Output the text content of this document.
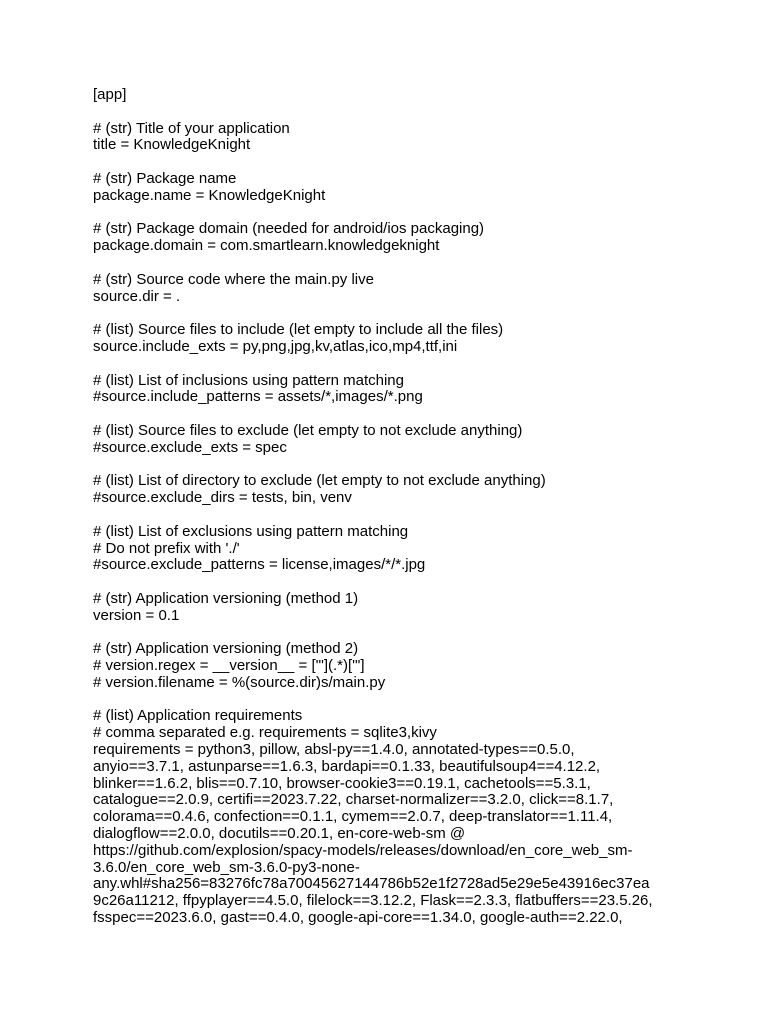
[app]
# (str) Title of your application
title = KnowledgeKnight
# (str) Package name
package.name = KnowledgeKnight
# (str) Package domain (needed for android/ios packaging)
package.domain = com.smartlearn.knowledgeknight
# (str) Source code where the main.py live
source.dir = .
# (list) Source files to include (let empty to include all the files)
source.include_exts = py,png,jpg,kv,atlas,ico,mp4,ttf,ini
# (list) List of inclusions using pattern matching
#source.include_patterns = assets/*,images/*.png
# (list) Source files to exclude (let empty to not exclude anything)
#source.exclude_exts = spec
# (list) List of directory to exclude (let empty to not exclude anything)
#source.exclude_dirs = tests, bin, venv
# (list) List of exclusions using pattern matching
# Do not prefix with './'
#source.exclude_patterns = license,images/*/*.jpg
# (str) Application versioning (method 1)
version = 0.1
# (str) Application versioning (method 2)
# version.regex = __version__ = ['"](.*)['"]
# version.filename = %(source.dir)s/main.py
# (list) Application requirements
# comma separated e.g. requirements = sqlite3,kivy
requirements = python3, pillow, absl-py==1.4.0, annotated-types==0.5.0,
anyio==3.7.1, astunparse==1.6.3, bardapi==0.1.33, beautifulsoup4==4.12.2,
blinker==1.6.2, blis==0.7.10, browser-cookie3==0.19.1, cachetools==5.3.1,
catalogue==2.0.9, certifi==2023.7.22, charset-normalizer==3.2.0, click==8.1.7,
colorama==0.4.6, confection==0.1.1, cymem==2.0.7, deep-translator==1.11.4,
dialogflow==2.0.0, docutils==0.20.1, en-core-web-sm @
https://github.com/explosion/spacy-models/releases/download/en_core_web_sm-
3.6.0/en_core_web_sm-3.6.0-py3-none-
any.whl#sha256=83276fc78a70045627144786b52e1f2728ad5e29e5e43916ec37ea
9c26a11212, ffpyplayer==4.5.0, filelock==3.12.2, Flask==2.3.3, flatbuffers==23.5.26,
fsspec==2023.6.0, gast==0.4.0, google-api-core==1.34.0, google-auth==2.22.0,
